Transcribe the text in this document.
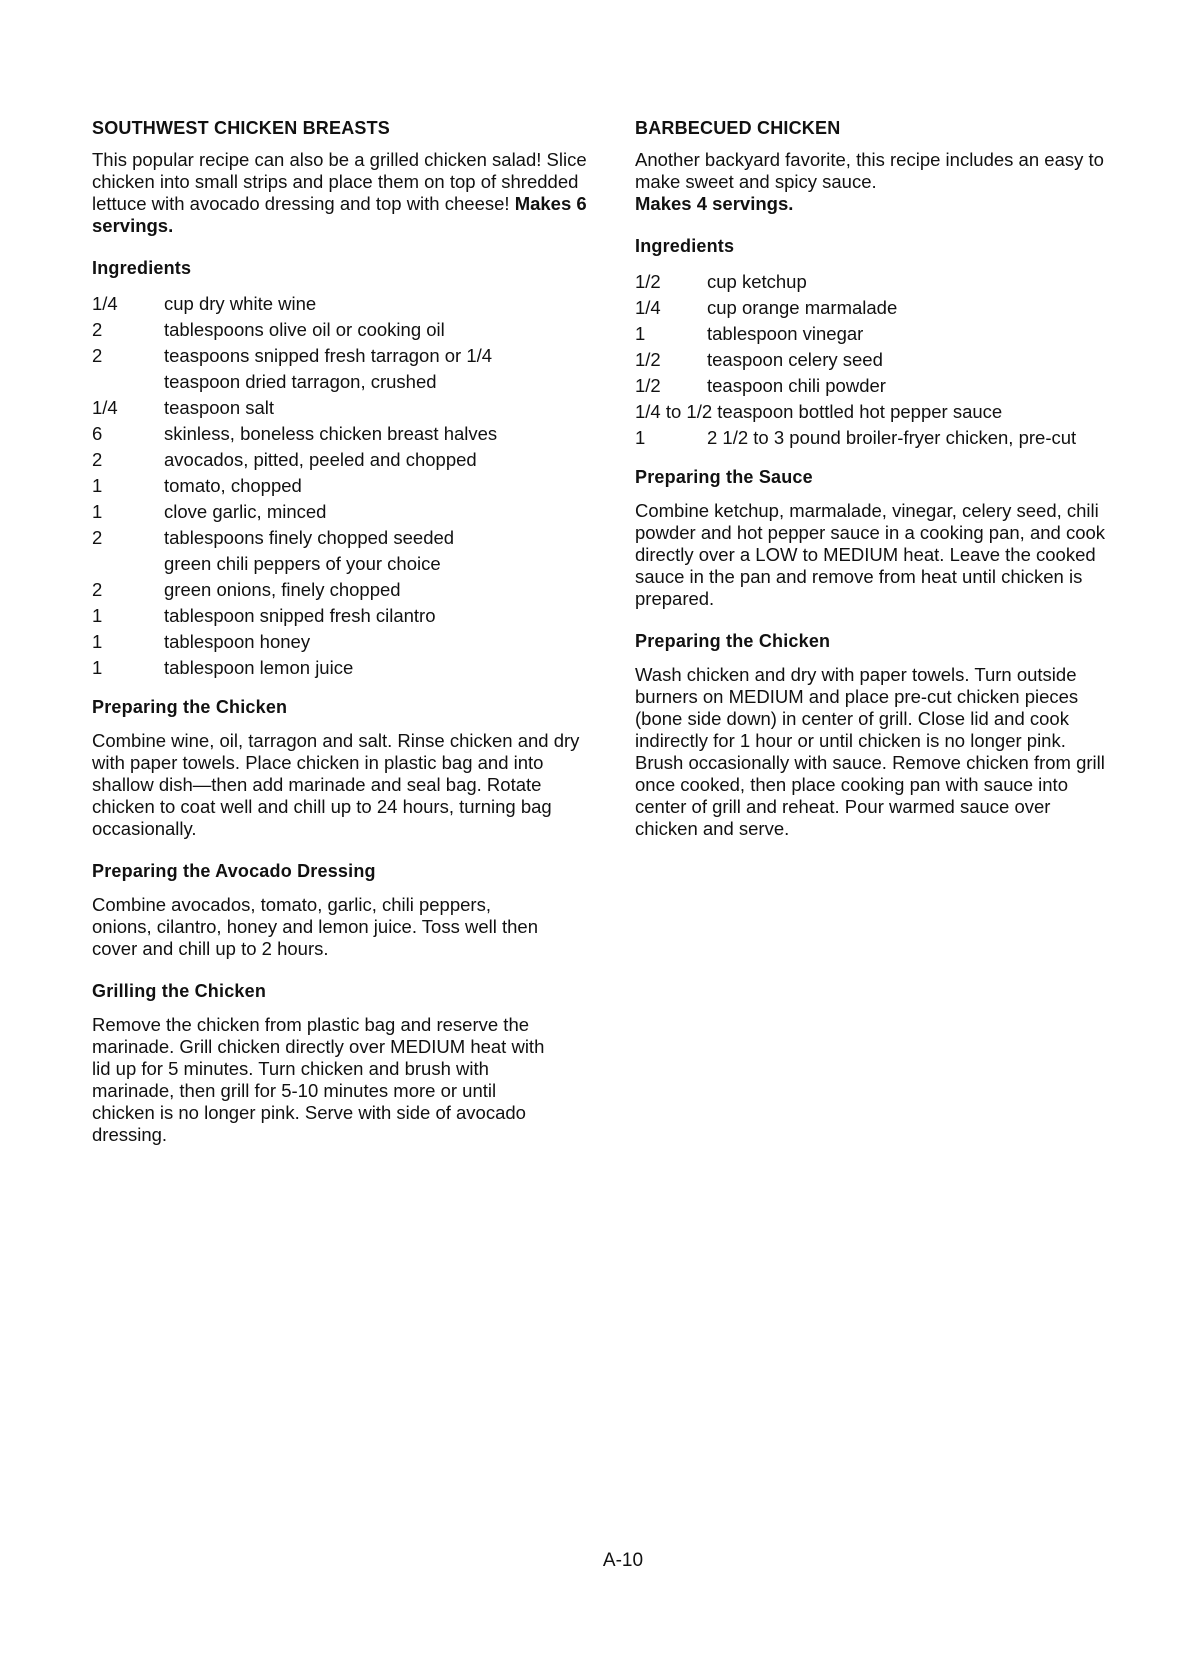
SOUTHWEST CHICKEN BREASTS

This popular recipe can also be a grilled chicken salad! Slice chicken into small strips and place them on top of shredded lettuce with avocado dressing and top with cheese! Makes 6 servings.

Ingredients
1/4	cup dry white wine
2	tablespoons olive oil or cooking oil
2	teaspoons snipped fresh tarragon or 1/4 teaspoon dried tarragon, crushed
1/4	teaspoon salt
6	skinless, boneless chicken breast halves
2	avocados, pitted, peeled and chopped
1	tomato, chopped
1	clove garlic, minced
2	tablespoons finely chopped seeded green chili peppers of your choice
2	green onions, finely chopped
1	tablespoon snipped fresh cilantro
1	tablespoon honey
1	tablespoon lemon juice
Preparing the Chicken

Combine wine, oil, tarragon and salt. Rinse chicken and dry with paper towels. Place chicken in plastic bag and into shallow dish—then add marinade and seal bag. Rotate chicken to coat well and chill up to 24 hours, turning bag occasionally.

Preparing the Avocado Dressing

Combine avocados, tomato, garlic, chili peppers, onions, cilantro, honey and lemon juice. Toss well then cover and chill up to 2 hours.

Grilling the Chicken

Remove the chicken from plastic bag and reserve the marinade. Grill chicken directly over MEDIUM heat with lid up for 5 minutes. Turn chicken and brush with marinade, then grill for 5-10 minutes more or until chicken is no longer pink. Serve with side of avocado dressing.

BARBECUED CHICKEN

Another backyard favorite, this recipe includes an easy to make sweet and spicy sauce.
Makes 4 servings.

Ingredients
1/2	cup ketchup
1/4	cup orange marmalade
1	tablespoon vinegar
1/2	teaspoon celery seed
1/2	teaspoon chili powder
1/4 to 1/2 teaspoon bottled hot pepper sauce
1	2 1/2 to 3 pound broiler-fryer chicken, pre-cut
Preparing the Sauce

Combine ketchup, marmalade, vinegar, celery seed, chili powder and hot pepper sauce in a cooking pan, and cook directly over a LOW to MEDIUM heat. Leave the cooked sauce in the pan and remove from heat until chicken is prepared.

Preparing the Chicken

Wash chicken and dry with paper towels. Turn outside burners on MEDIUM and place pre-cut chicken pieces (bone side down) in center of grill. Close lid and cook indirectly for 1 hour or until chicken is no longer pink. Brush occasionally with sauce. Remove chicken from grill once cooked, then place cooking pan with sauce into center of grill and reheat. Pour warmed sauce over chicken and serve.

A-10
